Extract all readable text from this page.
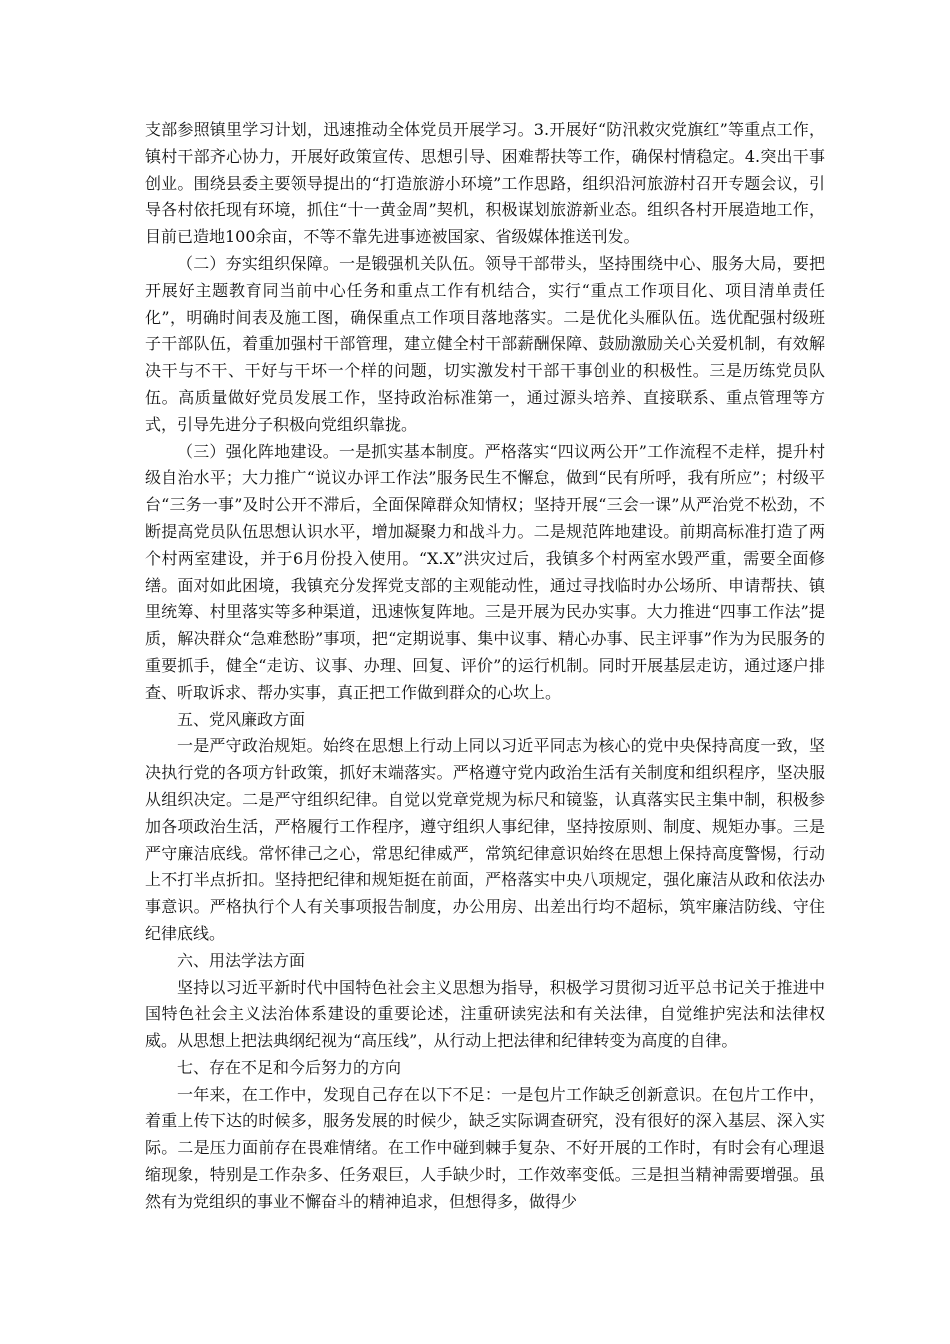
支部参照镇里学习计划，迅速推动全体党员开展学习。3.开展好“防汛救灾党旗红”等重点工作，镇村干部齐心协力，开展好政策宣传、思想引导、困难帮扶等工作，确保村情稳定。4.突出干事创业。围绕县委主要领导提出的“打造旅游小环境”工作思路，组织沿河旅游村召开专题会议，引导各村依托现有环境，抓住“十一黄金周”契机，积极谋划旅游新业态。组织各村开展造地工作，目前已造地100余亩，不等不靠先进事迹被国家、省级媒体推送刊发。

（二）夯实组织保障。一是锻强机关队伍。领导干部带头，坚持围绕中心、服务大局，要把开展好主题教育同当前中心任务和重点工作有机结合，实行“重点工作项目化、项目清单责任化”，明确时间表及施工图，确保重点工作项目落地落实。二是优化头雁队伍。选优配强村级班子干部队伍，着重加强村干部管理，建立健全村干部薪酬保障、鼓励激励关心关爱机制，有效解决干与不干、干好与干坏一个样的问题，切实激发村干部干事创业的积极性。三是历练党员队伍。高质量做好党员发展工作，坚持政治标准第一，通过源头培养、直接联系、重点管理等方式，引导先进分子积极向党组织靠拢。

（三）强化阵地建设。一是抓实基本制度。严格落实“四议两公开”工作流程不走样，提升村级自治水平；大力推广“说议办评工作法”服务民生不懈怠，做到“民有所呼，我有所应”；村级平台“三务一事”及时公开不滞后，全面保障群众知情权；坚持开展“三会一课”从严治党不松劲，不断提高党员队伍思想认识水平，增加凝聚力和战斗力。二是规范阵地建设。前期高标准打造了两个村两室建设，并于6月份投入使用。“X.X”洪灾过后，我镇多个村两室水毁严重，需要全面修缮。面对如此困境，我镇充分发挥党支部的主观能动性，通过寻找临时办公场所、申请帮扶、镇里统筹、村里落实等多种渠道，迅速恢复阵地。三是开展为民办实事。大力推进“四事工作法”提质，解决群众“急难愁盼”事项，把“定期说事、集中议事、精心办事、民主评事”作为为民服务的重要抓手，健全“走访、议事、办理、回复、评价”的运行机制。同时开展基层走访，通过逐户排查、听取诉求、帮办实事，真正把工作做到群众的心坎上。

五、党风廉政方面

一是严守政治规矩。始终在思想上行动上同以习近平同志为核心的党中央保持高度一致，坚决执行党的各项方针政策，抓好末端落实。严格遵守党内政治生活有关制度和组织程序，坚决服从组织决定。二是严守组织纪律。自觉以党章党规为标尺和镜鉴，认真落实民主集中制，积极参加各项政治生活，严格履行工作程序，遵守组织人事纪律，坚持按原则、制度、规矩办事。三是严守廉洁底线。常怀律己之心，常思纪律威严，常筑纪律意识始终在思想上保持高度警惕，行动上不打半点折扣。坚持把纪律和规矩挺在前面，严格落实中央八项规定，强化廉洁从政和依法办事意识。严格执行个人有关事项报告制度，办公用房、出差出行均不超标，筑牢廉洁防线、守住纪律底线。

六、用法学法方面

坚持以习近平新时代中国特色社会主义思想为指导，积极学习贯彻习近平总书记关于推进中国特色社会主义法治体系建设的重要论述，注重研读宪法和有关法律，自觉维护宪法和法律权威。从思想上把法典纲纪视为“高压线”，从行动上把法律和纪律转变为高度的自律。

七、存在不足和今后努力的方向

一年来，在工作中，发现自己存在以下不足：一是包片工作缺乏创新意识。在包片工作中，着重上传下达的时候多，服务发展的时候少，缺乏实际调查研究，没有很好的深入基层、深入实际。二是压力面前存在畏难情绪。在工作中碰到棘手复杂、不好开展的工作时，有时会有心理退缩现象，特别是工作杂多、任务艰巨，人手缺少时，工作效率变低。三是担当精神需要增强。虽然有为党组织的事业不懈奋斗的精神追求，但想得多，做得少
